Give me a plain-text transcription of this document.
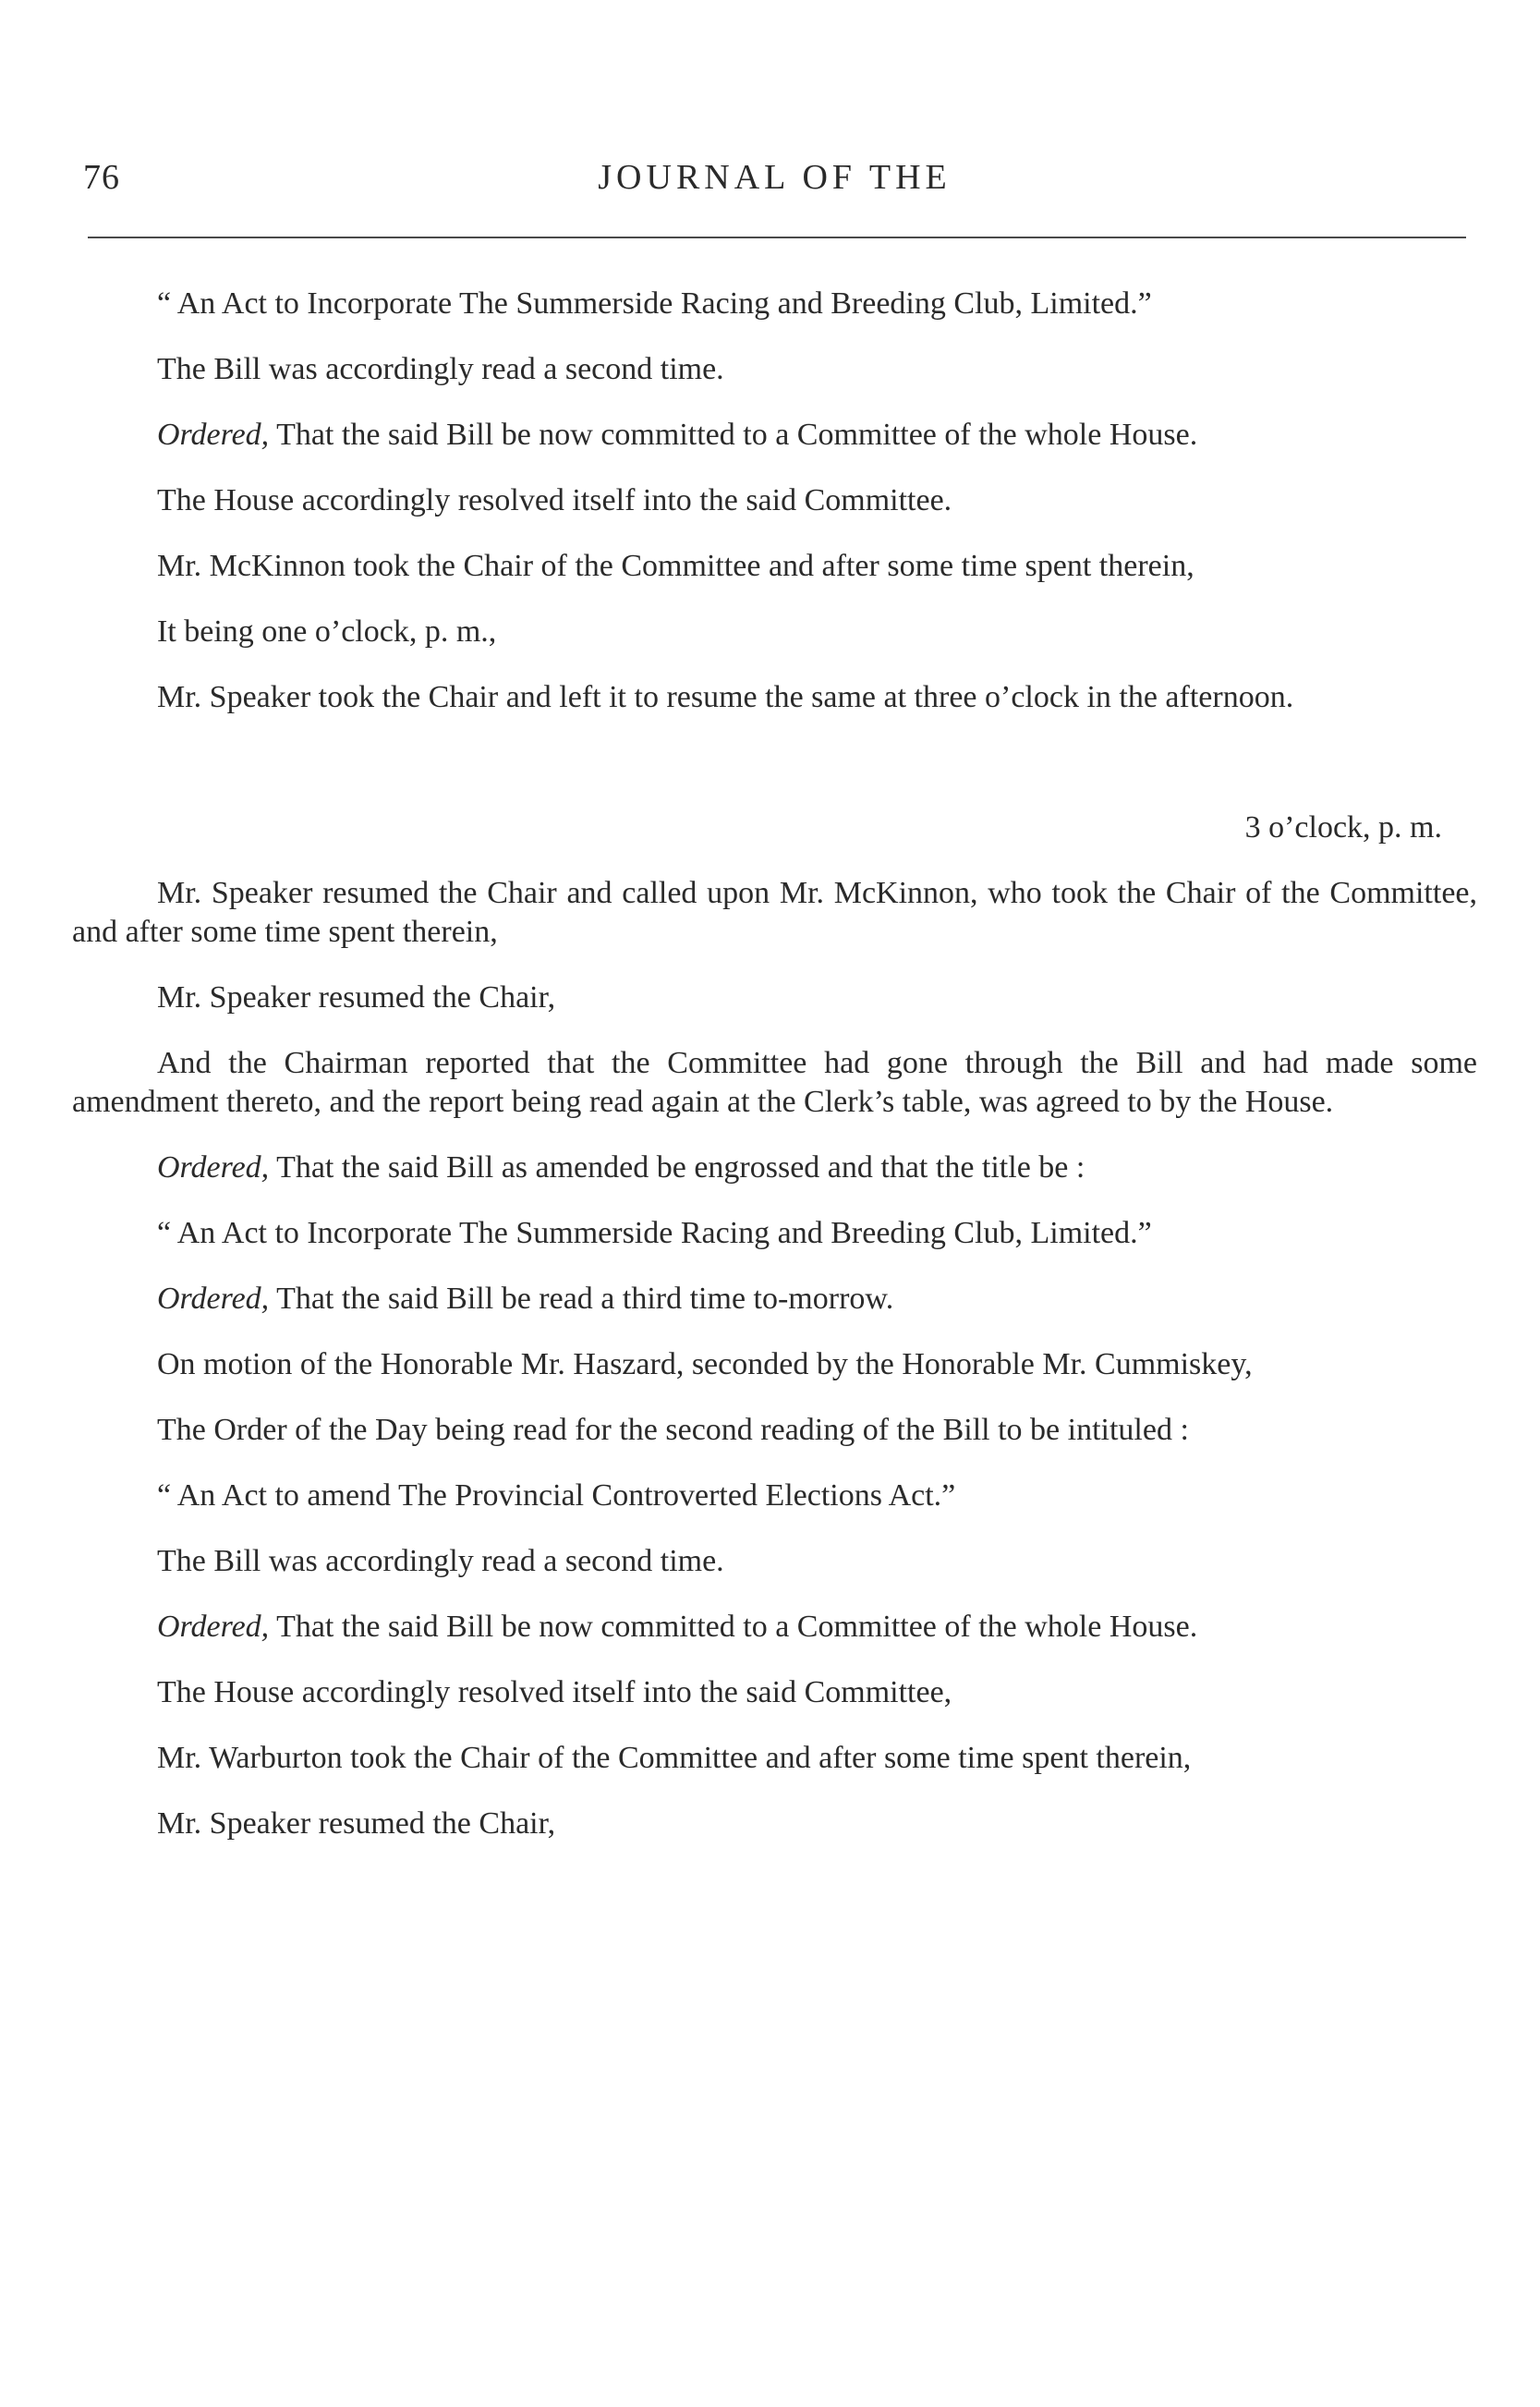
76	JOURNAL OF THE

“ An Act to Incorporate The Summerside Racing and Breeding Club, Limited.”

The Bill was accordingly read a second time.

Ordered, That the said Bill be now committed to a Committee of the whole House.

The House accordingly resolved itself into the said Committee.

Mr. McKinnon took the Chair of the Committee and after some time spent therein,

It being one o’clock, p. m.,

Mr. Speaker took the Chair and left it to resume the same at three o’clock in the afternoon.

3 o’clock, p. m.

Mr. Speaker resumed the Chair and called upon Mr. McKinnon, who took the Chair of the Committee, and after some time spent therein,

Mr. Speaker resumed the Chair,

And the Chairman reported that the Committee had gone through the Bill and had made some amendment thereto, and the report being read again at the Clerk’s table, was agreed to by the House.

Ordered, That the said Bill as amended be engrossed and that the title be :

“ An Act to Incorporate The Summerside Racing and Breeding Club, Limited.”

Ordered, That the said Bill be read a third time to-morrow.

On motion of the Honorable Mr. Haszard, seconded by the Honorable Mr. Cummiskey,

The Order of the Day being read for the second reading of the Bill to be intituled :

“ An Act to amend The Provincial Controverted Elections Act.”

The Bill was accordingly read a second time.

Ordered, That the said Bill be now committed to a Committee of the whole House.

The House accordingly resolved itself into the said Committee,

Mr. Warburton took the Chair of the Committee and after some time spent therein,

Mr. Speaker resumed the Chair,
